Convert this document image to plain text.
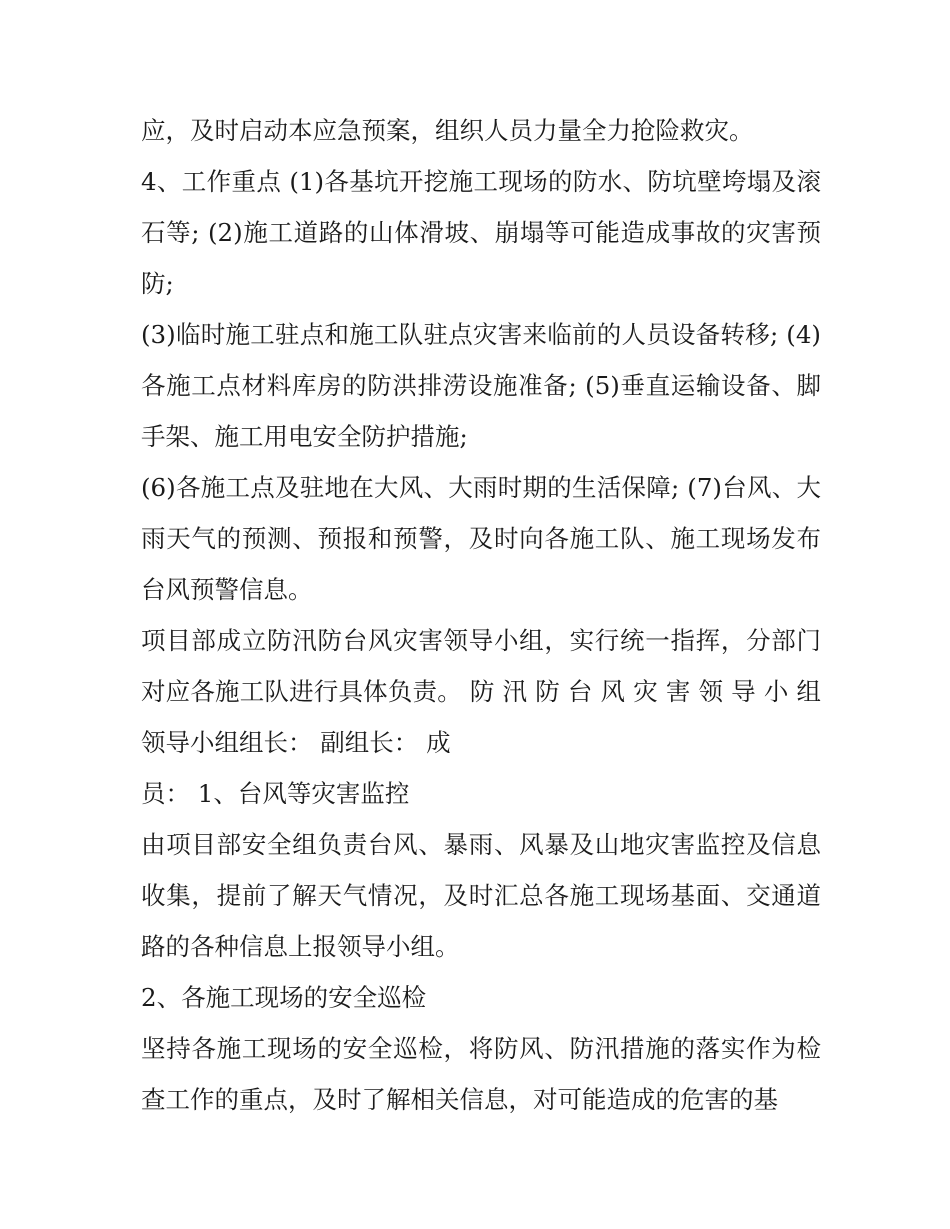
应，及时启动本应急预案，组织人员力量全力抢险救灾。
4、工作重点 (1)各基坑开挖施工现场的防水、防坑壁垮塌及滚
石等; (2)施工道路的山体滑坡、崩塌等可能造成事故的灾害预
防;
(3)临时施工驻点和施工队驻点灾害来临前的人员设备转移; (4)
各施工点材料库房的防洪排涝设施准备; (5)垂直运输设备、脚
手架、施工用电安全防护措施;
(6)各施工点及驻地在大风、大雨时期的生活保障; (7)台风、大
雨天气的预测、预报和预警，及时向各施工队、施工现场发布
台风预警信息。
项目部成立防汛防台风灾害领导小组，实行统一指挥，分部门
对应各施工队进行具体负责。 防 汛 防 台 风 灾 害 领 导 小 组
领导小组组长： 副组长： 成
员： 1、台风等灾害监控
由项目部安全组负责台风、暴雨、风暴及山地灾害监控及信息
收集，提前了解天气情况，及时汇总各施工现场基面、交通道
路的各种信息上报领导小组。
2、各施工现场的安全巡检
坚持各施工现场的安全巡检，将防风、防汛措施的落实作为检
查工作的重点，及时了解相关信息，对可能造成的危害的基
